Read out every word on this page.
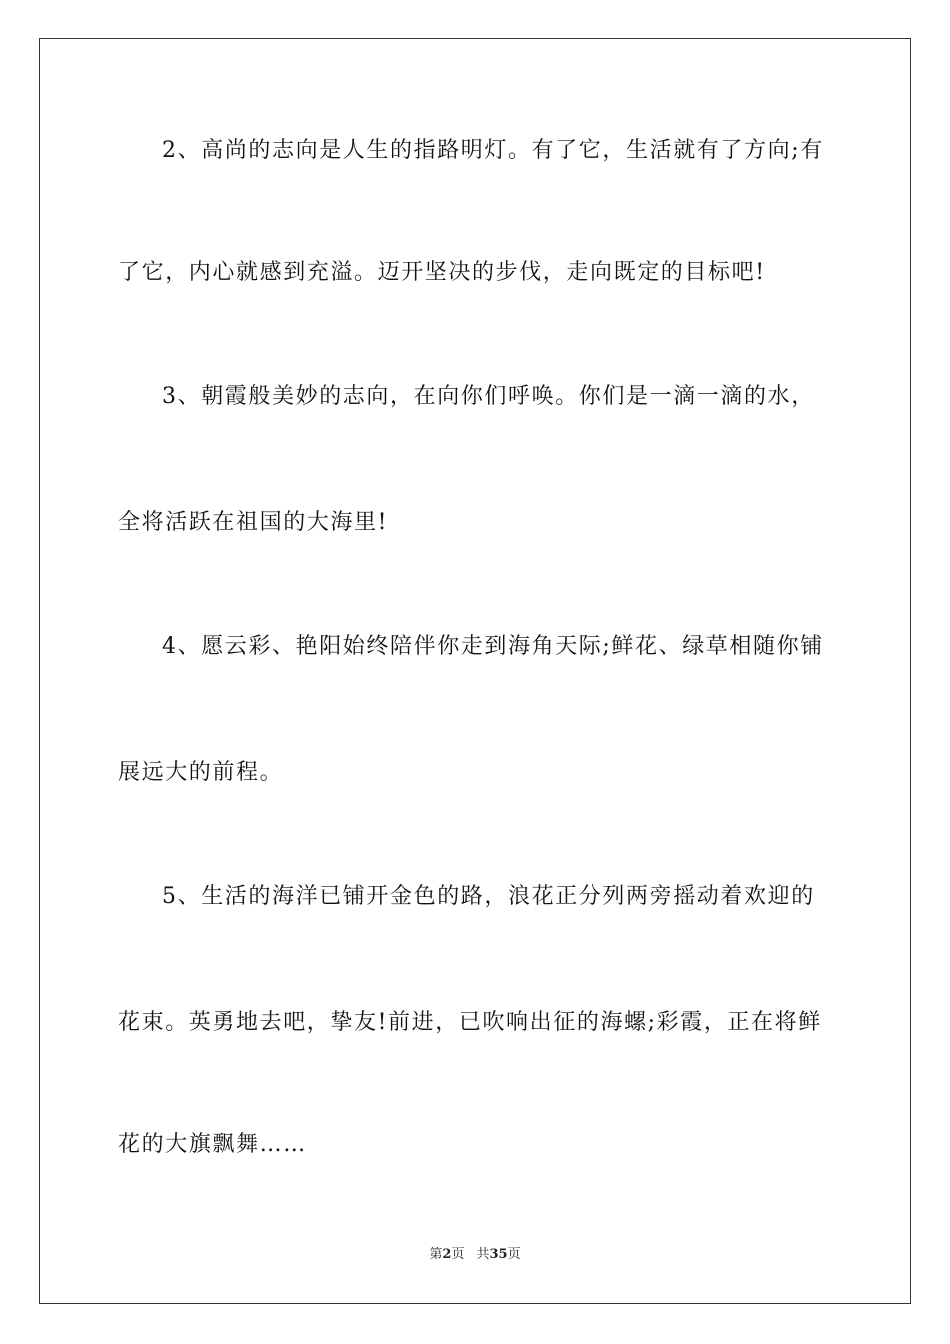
2、高尚的志向是人生的指路明灯。有了它，生活就有了方向;有
了它，内心就感到充溢。迈开坚决的步伐，走向既定的目标吧!
3、朝霞般美妙的志向，在向你们呼唤。你们是一滴一滴的水，
全将活跃在祖国的大海里!
4、愿云彩、艳阳始终陪伴你走到海角天际;鲜花、绿草相随你铺
展远大的前程。
5、生活的海洋已铺开金色的路，浪花正分列两旁摇动着欢迎的
花束。英勇地去吧，挚友!前进，已吹响出征的海螺;彩霞，正在将鲜
花的大旗飘舞……
第2页 共35页
